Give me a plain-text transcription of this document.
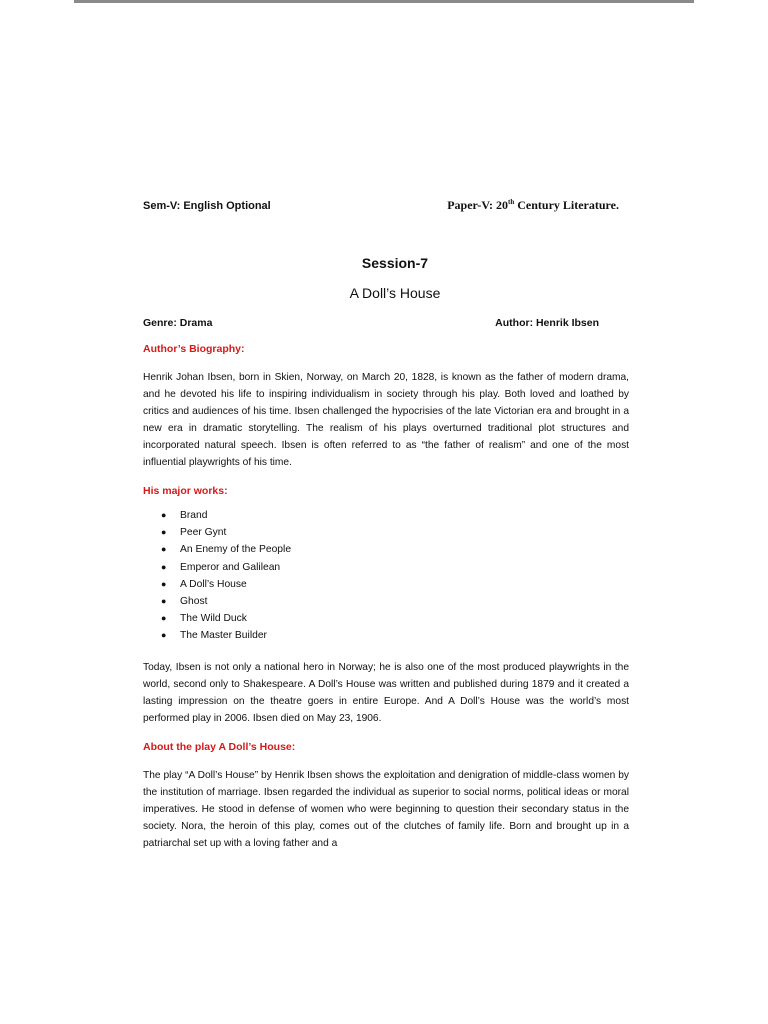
Sem-V: English Optional	Paper-V: 20th Century Literature.
Session-7
A Doll’s House
Genre: Drama	Author: Henrik Ibsen
Author’s Biography:
Henrik Johan Ibsen, born in Skien, Norway, on March 20, 1828, is known as the father of modern drama, and he devoted his life to inspiring individualism in society through his play. Both loved and loathed by critics and audiences of his time. Ibsen challenged the hypocrisies of the late Victorian era and brought in a new era in dramatic storytelling. The realism of his plays overturned traditional plot structures and incorporated natural speech. Ibsen is often referred to as “the father of realism” and one of the most influential playwrights of his time.
His major works:
● Brand
● Peer Gynt
● An Enemy of the People
● Emperor and Galilean
● A Doll’s House
● Ghost
● The Wild Duck
● The Master Builder
Today, Ibsen is not only a national hero in Norway; he is also one of the most produced playwrights in the world, second only to Shakespeare. A Doll’s House was written and published during 1879 and it created a lasting impression on the theatre goers in entire Europe. And A Doll’s House was the world’s most performed play in 2006. Ibsen died on May 23, 1906.
About the play A Doll’s House:
The play “A Doll’s House” by Henrik Ibsen shows the exploitation and denigration of middle-class women by the institution of marriage. Ibsen regarded the individual as superior to social norms, political ideas or moral imperatives. He stood in defense of women who were beginning to question their secondary status in the society. Nora, the heroin of this play, comes out of the clutches of family life. Born and brought up in a patriarchal set up with a loving father and a
